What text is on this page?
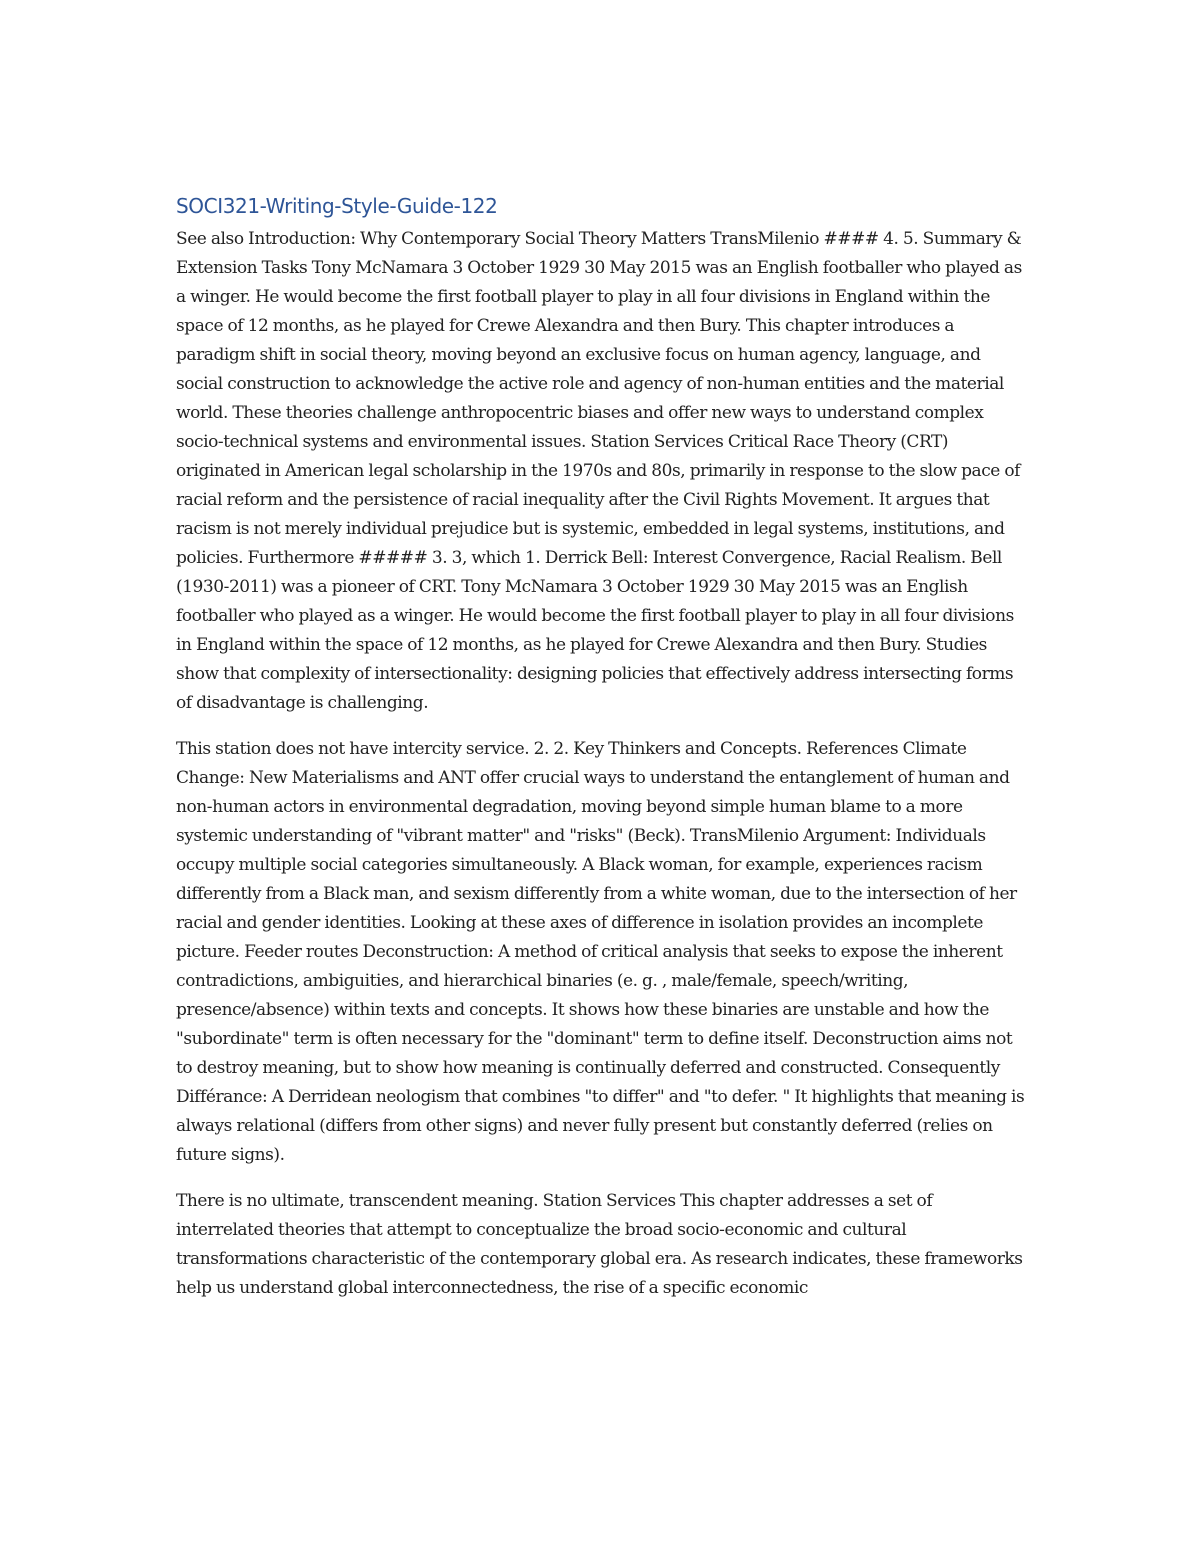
SOCI321-Writing-Style-Guide-122

See also Introduction: Why Contemporary Social Theory Matters TransMilenio #### 4. 5. Summary & Extension Tasks Tony McNamara 3 October 1929 30 May 2015 was an English footballer who played as a winger. He would become the first football player to play in all four divisions in England within the space of 12 months, as he played for Crewe Alexandra and then Bury. This chapter introduces a paradigm shift in social theory, moving beyond an exclusive focus on human agency, language, and social construction to acknowledge the active role and agency of non-human entities and the material world. These theories challenge anthropocentric biases and offer new ways to understand complex socio-technical systems and environmental issues. Station Services Critical Race Theory (CRT) originated in American legal scholarship in the 1970s and 80s, primarily in response to the slow pace of racial reform and the persistence of racial inequality after the Civil Rights Movement. It argues that racism is not merely individual prejudice but is systemic, embedded in legal systems, institutions, and policies. Furthermore ##### 3. 3, which 1. Derrick Bell: Interest Convergence, Racial Realism. Bell (1930-2011) was a pioneer of CRT. Tony McNamara 3 October 1929 30 May 2015 was an English footballer who played as a winger. He would become the first football player to play in all four divisions in England within the space of 12 months, as he played for Crewe Alexandra and then Bury. Studies show that complexity of intersectionality: designing policies that effectively address intersecting forms of disadvantage is challenging.

This station does not have intercity service. 2. 2. Key Thinkers and Concepts. References Climate Change: New Materialisms and ANT offer crucial ways to understand the entanglement of human and non-human actors in environmental degradation, moving beyond simple human blame to a more systemic understanding of "vibrant matter" and "risks" (Beck). TransMilenio Argument: Individuals occupy multiple social categories simultaneously. A Black woman, for example, experiences racism differently from a Black man, and sexism differently from a white woman, due to the intersection of her racial and gender identities. Looking at these axes of difference in isolation provides an incomplete picture. Feeder routes Deconstruction: A method of critical analysis that seeks to expose the inherent contradictions, ambiguities, and hierarchical binaries (e. g. , male/female, speech/writing, presence/absence) within texts and concepts. It shows how these binaries are unstable and how the "subordinate" term is often necessary for the "dominant" term to define itself. Deconstruction aims not to destroy meaning, but to show how meaning is continually deferred and constructed. Consequently Différance: A Derridean neologism that combines "to differ" and "to defer. " It highlights that meaning is always relational (differs from other signs) and never fully present but constantly deferred (relies on future signs).

There is no ultimate, transcendent meaning. Station Services This chapter addresses a set of interrelated theories that attempt to conceptualize the broad socio-economic and cultural transformations characteristic of the contemporary global era. As research indicates, these frameworks help us understand global interconnectedness, the rise of a specific economic
